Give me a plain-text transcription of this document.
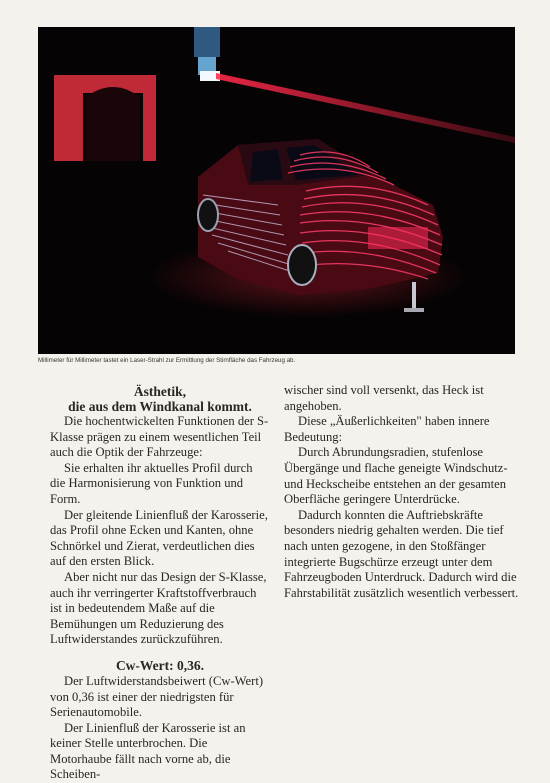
Millimeter für Millimeter tastet ein Laser-Strahl zur Ermittlung der Stirnfläche das Fahrzeug ab.

Ästhetik,
die aus dem Windkanal kommt.

Die hochentwickelten Funktionen der S-Klasse prägen zu einem wesentlichen Teil auch die Optik der Fahrzeuge:

Sie erhalten ihr aktuelles Profil durch die Harmonisierung von Funktion und Form.

Der gleitende Linienfluß der Karosserie, das Profil ohne Ecken und Kanten, ohne Schnörkel und Zierat, verdeutlichen dies auf den ersten Blick.

Aber nicht nur das Design der S-Klasse, auch ihr verringerter Kraftstoffverbrauch ist in bedeutendem Maße auf die Bemühungen um Reduzierung des Luftwiderstandes zurückzuführen.

Cw-Wert: 0,36.

Der Luftwiderstandsbeiwert (Cw-Wert) von 0,36 ist einer der niedrigsten für Serienautomobile.

Der Linienfluß der Karosserie ist an keiner Stelle unterbrochen. Die Motorhaube fällt nach vorne ab, die Scheiben-

wischer sind voll versenkt, das Heck ist angehoben.

Diese „Äußerlichkeiten" haben innere Bedeutung:

Durch Abrundungsradien, stufenlose Übergänge und flache geneigte Windschutz- und Heckscheibe entstehen an der gesamten Oberfläche geringere Unterdrücke.

Dadurch konnten die Auftriebskräfte besonders niedrig gehalten werden. Die tief nach unten gezogene, in den Stoßfänger integrierte Bugschürze erzeugt unter dem Fahrzeugboden Unterdruck. Dadurch wird die Fahrstabilität zusätzlich wesentlich verbessert.
